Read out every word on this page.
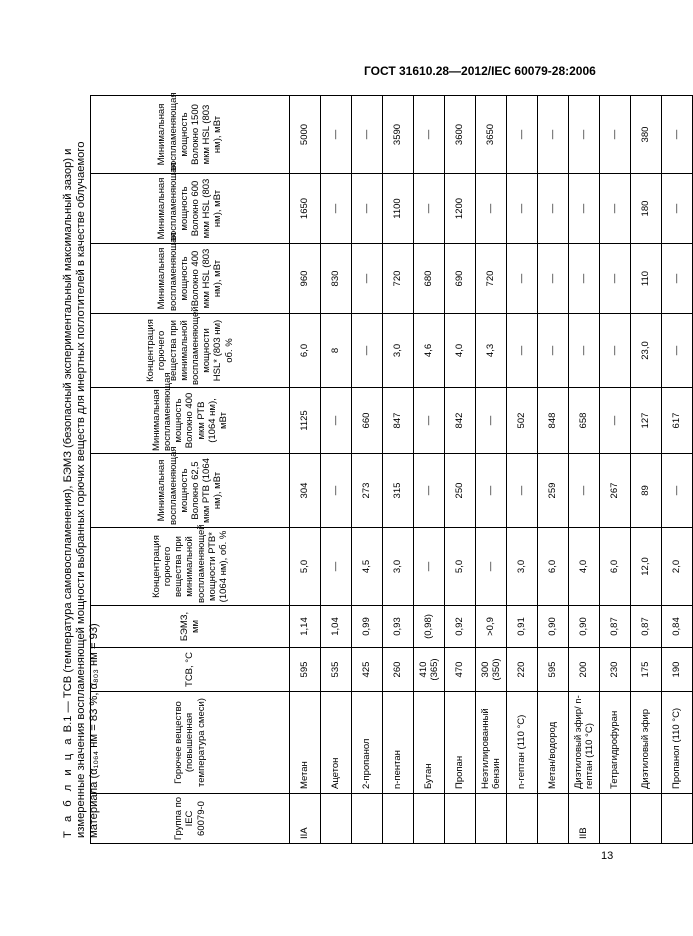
ГОСТ 31610.28—2012/IEC 60079-28:2006
Т а б л и ц а В.1 — ТСВ (температура самовоспламенения), БЭМЗ (безопасный экспериментальный максимальный зазор) и измеренные значения воспламеняющей мощности выбранных горючих веществ для инертных поглотителей в качестве облучаемого материала (α₁₀₆₄ нм = 83 %, α₈₀₃ нм = 93)	Группа по IEC 60079-0	Горючее вещество (повышенная температура смеси)	ТСВ, °С	БЭМЗ, мм	Концентрация горючего вещества при минимальной воспламеняющей мощности РТВ*(1064 нм), об. %	Минимальная воспламеняющая мощность Волокно 62,5 мкм РТВ (1064 нм), мВт	Минимальная воспламеняющая мощность Волокно 400 мкм РТВ (1064 нм), мВт	Концентрация горючего вещества при минимальной воспламеняющей мощности HSL* (803 нм) об. %	Минимальная воспламеняющая мощность Волокно 400 мкм HSL (803 нм), мВт	Минимальная воспламеняющая мощность Волокно 600 мкм HSL (803 нм), мВт	Минимальная воспламеняющая мощность Волокно 1500 мкм HSL (803 нм), мВт
IIA	Метан	595	1,14	5,0	304	1125	6,0	960	1650	5000
	Ацетон	535	1,04	—	—	—	8	830	—	—
	2-пропанол	425	0,99	4,5	273	660	—	—	—	—
	n-пентан	260	0,93	3,0	315	847	3,0	720	1100	3590
	Бутан	410 (365)	(0,98)	—	—	—	4,6	680	—	—
	Пропан	470	0,92	5,0	250	842	4,0	690	1200	3600
	Неэтилированный бензин	300 (350)	>0,9	—	—	—	4,3	720	—	3650
	n-гептан (110 °С)	220	0,91	3,0	—	502	—	—	—	—
	Метан/водород	595	0,90	6,0	259	848	—	—	—	—
IIB	Диэтиловый эфир/ n-гептан (110 °С)	200	0,90	4,0	—	658	—	—	—	—
	Тетрагидрофуран	230	0,87	6,0	267	—	—	—	—	—
	Диэтиловый эфир	175	0,87	12,0	89	127	23,0	110	180	380
	Пропанол (110 °С)	190	0,84	2,0	—	617	—	—	—	—
13
